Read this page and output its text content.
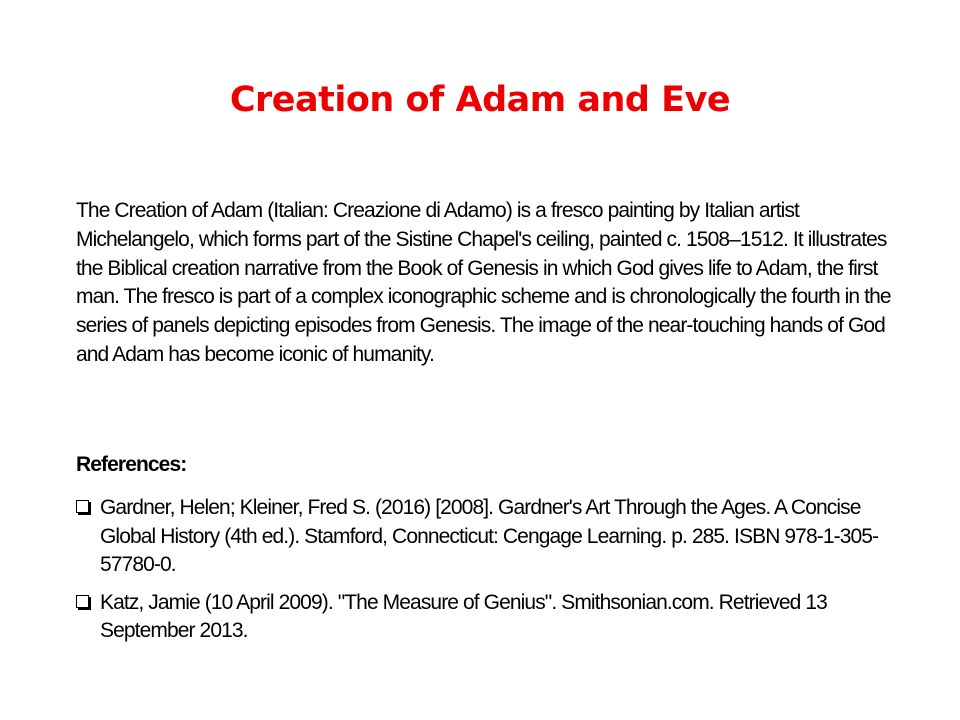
Creation of Adam and Eve

The Creation of Adam (Italian: Creazione di Adamo) is a fresco painting by Italian artist Michelangelo, which forms part of the Sistine Chapel's ceiling, painted c. 1508–1512. It illustrates the Biblical creation narrative from the Book of Genesis in which God gives life to Adam, the first man. The fresco is part of a complex iconographic scheme and is chronologically the fourth in the series of panels depicting episodes from Genesis. The image of the near-touching hands of God and Adam has become iconic of humanity.

References:

Gardner, Helen; Kleiner, Fred S. (2016) [2008]. Gardner's Art Through the Ages. A Concise Global History (4th ed.). Stamford, Connecticut: Cengage Learning. p. 285. ISBN 978-1-305-57780-0.
Katz, Jamie (10 April 2009). "The Measure of Genius". Smithsonian.com. Retrieved 13 September 2013.
